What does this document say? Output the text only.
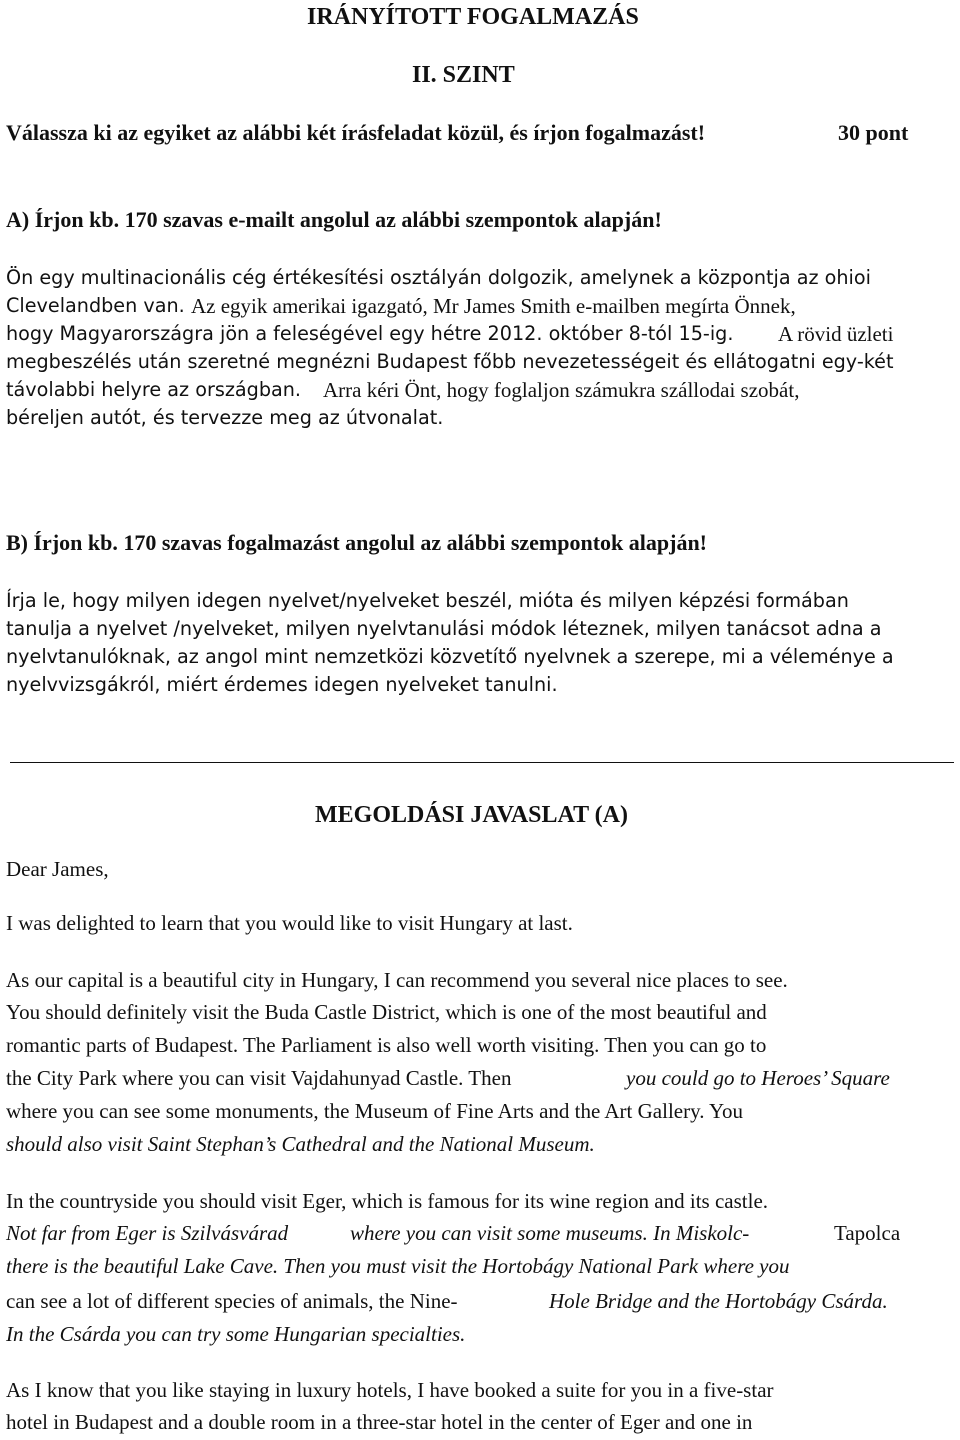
IRÁNYÍTOTT FOGALMAZÁS

II. SZINT

Válassza ki az egyiket az alábbi két írásfeladat közül, és írjon fogalmazást!	30 pont

A) Írjon kb. 170 szavas e-mailt angolul az alábbi szempontok alapján!

Ön egy multinacionális cég értékesítési osztályán dolgozik, amelynek a központja az ohioi

Clevelandben van. Az egyik amerikai igazgató, Mr James Smith e-mailben megírta Önnek,

hogy Magyarországra jön a feleségével egy hétre 2012. október 8-tól 15-ig. A rövid üzleti

megbeszélés után szeretné megnézni Budapest főbb nevezetességeit és ellátogatni egy-két

távolabbi helyre az országban. Arra kéri Önt, hogy foglaljon számukra szállodai szobát,

béreljen autót, és tervezze meg az útvonalat.

B) Írjon kb. 170 szavas fogalmazást angolul az alábbi szempontok alapján!

Írja le, hogy milyen idegen nyelvet/nyelveket beszél, mióta és milyen képzési formában

tanulja a nyelvet /nyelveket, milyen nyelvtanulási módok léteznek, milyen tanácsot adna a

nyelvtanulóknak, az angol mint nemzetközi közvetítő nyelvnek a szerepe, mi a véleménye a

nyelvvizsgákról, miért érdemes idegen nyelveket tanulni.

MEGOLDÁSI JAVASLAT (A)

Dear James,

I was delighted to learn that you would like to visit Hungary at last.

As our capital is a beautiful city in Hungary, I can recommend you several nice places to see.

You should definitely visit the Buda Castle District, which is one of the most beautiful and

romantic parts of Budapest. The Parliament is also well worth visiting. Then you can go to

the City Park where you can visit Vajdahunyad Castle. Then	you could go to Heroes’ Square

where you can see some monuments, the Museum of Fine Arts and the Art Gallery. You

should also visit Saint Stephan’s Cathedral and the National Museum.

In the countryside you should visit Eger, which is famous for its wine region and its castle.

Not far from Eger is Szilvásvárad	where you can visit some museums. In Miskolc-	Tapolca

there is the beautiful Lake Cave. Then you must visit the Hortobágy National Park where you

can see a lot of different species of animals, the Nine-	Hole Bridge and the Hortobágy Csárda.

In the Csárda you can try some Hungarian specialties.

As I know that you like staying in luxury hotels, I have booked a suite for you in a five-star

hotel in Budapest and a double room in a three-star hotel in the center of Eger and one in
